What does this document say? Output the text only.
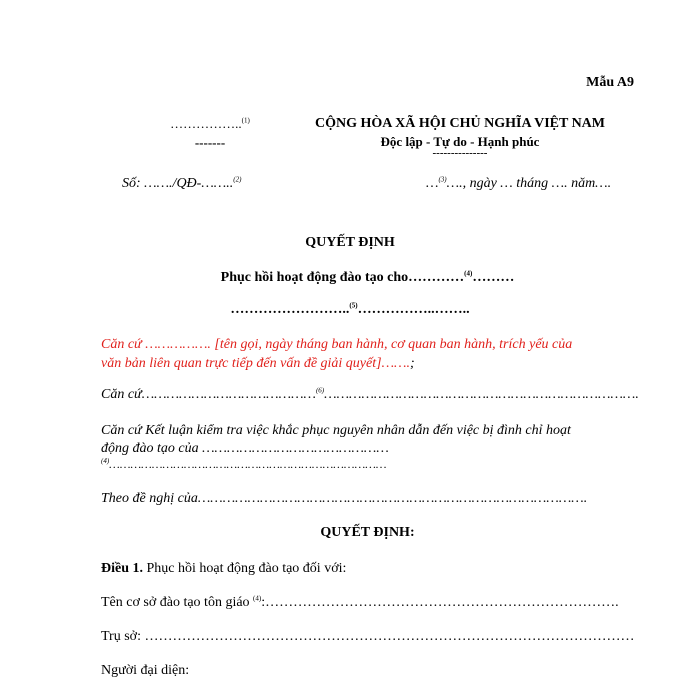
Mẫu A9
……………..$^{(1)}$
-------
CỘNG HÒA XÃ HỘI CHỦ NGHĨA VIỆT NAM
Độc lập - Tự do - Hạnh phúc
---------------
Số: ……./QĐ-……..$^{(2)}$	…$^{(3)}$…., ngày … tháng …. năm….
QUYẾT ĐỊNH
Phục hồi hoạt động đào tạo cho…………$^{(4)}$………
……………………..$^{(5)}$……………..……..
Căn cứ ……………. [tên gọi, ngày tháng ban hành, cơ quan ban hành, trích yếu của
văn bản liên quan trực tiếp đến vấn đề giải quyết]…….;
Căn cứ……………………………………$^{(6)}$………………………………………………………………….
Căn cứ Kết luận kiểm tra việc khắc phục nguyên nhân dẫn đến việc bị đình chỉ hoạt
động đào tạo của ………………………………………
$^{(4)}$……………………………………………………………………
Theo đề nghị của………………………………………………………………………………….
QUYẾT ĐỊNH:
Điều 1. Phục hồi hoạt động đào tạo đối với:
Tên cơ sở đào tạo tôn giáo $^{(4)}$:………………………………………………………………….
Trụ sở: ……………………………………………………………………………………………
Người đại diện:
